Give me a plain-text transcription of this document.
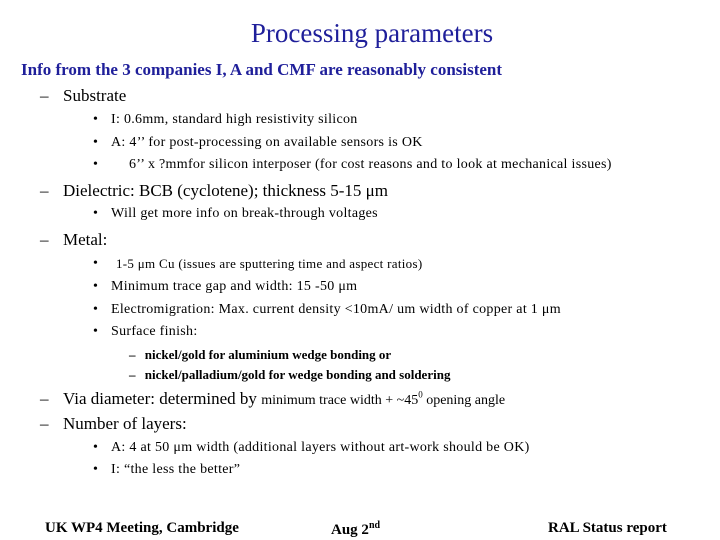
Processing parameters
Info from the 3 companies I, A and CMF are reasonably consistent
– Substrate
• I: 0.6mm, standard high resistivity silicon
• A: 4’’ for post-processing on available sensors is OK
• 6’’ x ?mmfor silicon interposer (for cost reasons and to look at mechanical issues)
– Dielectric: BCB (cyclotene); thickness 5-15 μm
• Will get more info on break-through voltages
– Metal:
• 1-5 μm Cu (issues are sputtering time and aspect ratios)
• Minimum trace gap and width: 15 -50 μm
• Electromigration: Max. current density <10mA/ um width of copper at 1 μm
• Surface finish:
– nickel/gold for aluminium wedge bonding or
– nickel/palladium/gold for wedge bonding and soldering
– Via diameter: determined by minimum trace width + $\sim 45^0$ opening angle
– Number of layers:
• A: 4 at 50 μm width (additional layers without art-work should be OK)
• I: “the less the better”
UK WP4 Meeting, Cambridge	Aug 2nd	RAL Status report
